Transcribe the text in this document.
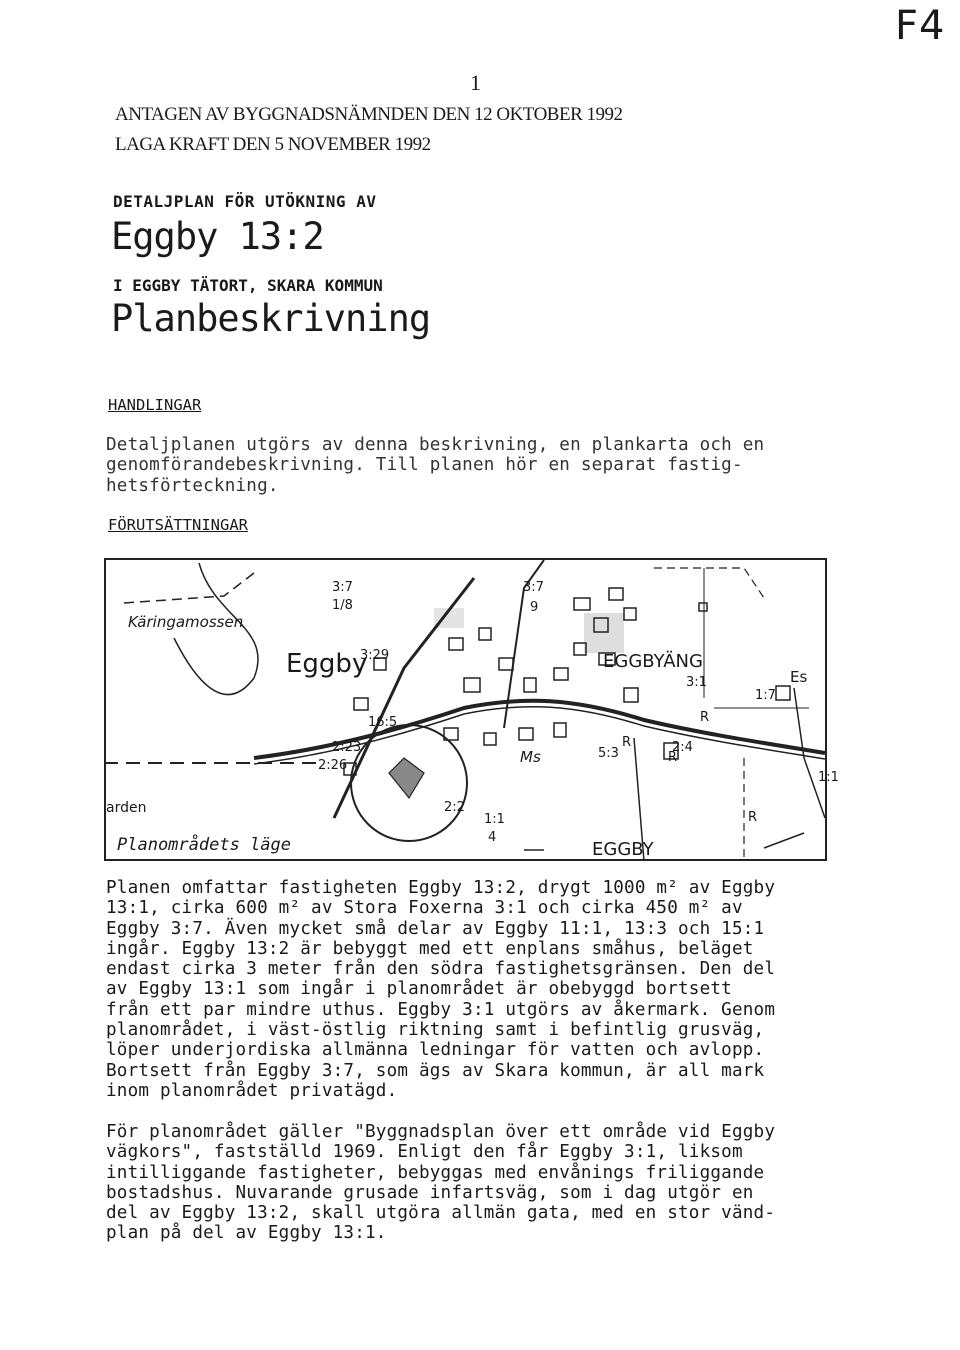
F4
1
ANTAGEN AV BYGGNADSNÄMNDEN DEN 12 OKTOBER 1992
LAGA KRAFT DEN 5 NOVEMBER 1992
DETALJPLAN FÖR UTÖKNING AV
Eggby 13:2
I EGGBY TÄTORT, SKARA KOMMUN
Planbeskrivning
HANDLINGAR
Detaljplanen utgörs av denna beskrivning, en plankarta och en
genomförandebeskrivning. Till planen hör en separat fastig-
hetsförteckning.
FÖRUTSÄTTNINGAR
Käringamossen
Eggby	EGGBYÄNG
Es
arden
EGGBY
Ms
3:7
1/8
3:29
3:7
9
3:1
1:7
16:5
2:23
2:26
2:2
1:1
4
2:4
1:1
5:3
R
R
R
R
Planområdets läge
Planen omfattar fastigheten Eggby 13:2, drygt 1000 m² av Eggby
13:1, cirka 600 m² av Stora Foxerna 3:1 och cirka 450 m² av
Eggby 3:7. Även mycket små delar av Eggby 11:1, 13:3 och 15:1
ingår. Eggby 13:2 är bebyggt med ett enplans småhus, beläget
endast cirka 3 meter från den södra fastighetsgränsen. Den del
av Eggby 13:1 som ingår i planområdet är obebyggd bortsett
från ett par mindre uthus. Eggby 3:1 utgörs av åkermark. Genom
planområdet, i väst-östlig riktning samt i befintlig grusväg,
löper underjordiska allmänna ledningar för vatten och avlopp.
Bortsett från Eggby 3:7, som ägs av Skara kommun, är all mark
inom planområdet privatägd.
För planområdet gäller "Byggnadsplan över ett område vid Eggby
vägkors", fastställd 1969. Enligt den får Eggby 3:1, liksom
intilliggande fastigheter, bebyggas med envånings friliggande
bostadshus. Nuvarande grusade infartsväg, som i dag utgör en
del av Eggby 13:2, skall utgöra allmän gata, med en stor vänd-
plan på del av Eggby 13:1.
